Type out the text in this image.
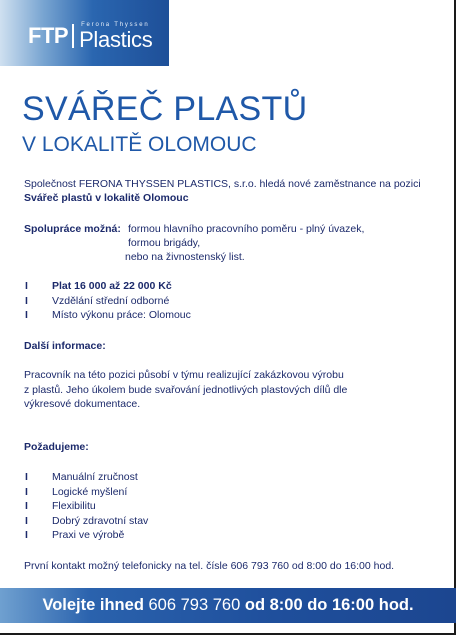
FTP	Ferona Thyssen
Plastics
SVÁŘEČ PLASTŮ
V LOKALITĚ OLOMOUC
Společnost FERONA THYSSEN PLASTICS, s.r.o. hledá nové zaměstnance na pozici
Svářeč plastů v lokalitě Olomouc
Spolupráce možná: formou hlavního pracovního poměru - plný úvazek,
formou brigády,
nebo na živnostenský list.
I Plat 16 000 až 22 000 Kč
I Vzdělání střední odborné
I Místo výkonu práce: Olomouc
Další informace:
Pracovník na této pozici působí v týmu realizující zakázkovou výrobu
z plastů. Jeho úkolem bude svařování jednotlivých plastových dílů dle
výkresové dokumentace.
Požadujeme:
I Manuální zručnost
I Logické myšlení
I Flexibilitu
I Dobrý zdravotní stav
I Praxi ve výrobě
První kontakt možný telefonicky na tel. čísle 606 793 760 od 8:00 do 16:00 hod.
Volejte ihned 606 793 760 od 8:00 do 16:00 hod.
